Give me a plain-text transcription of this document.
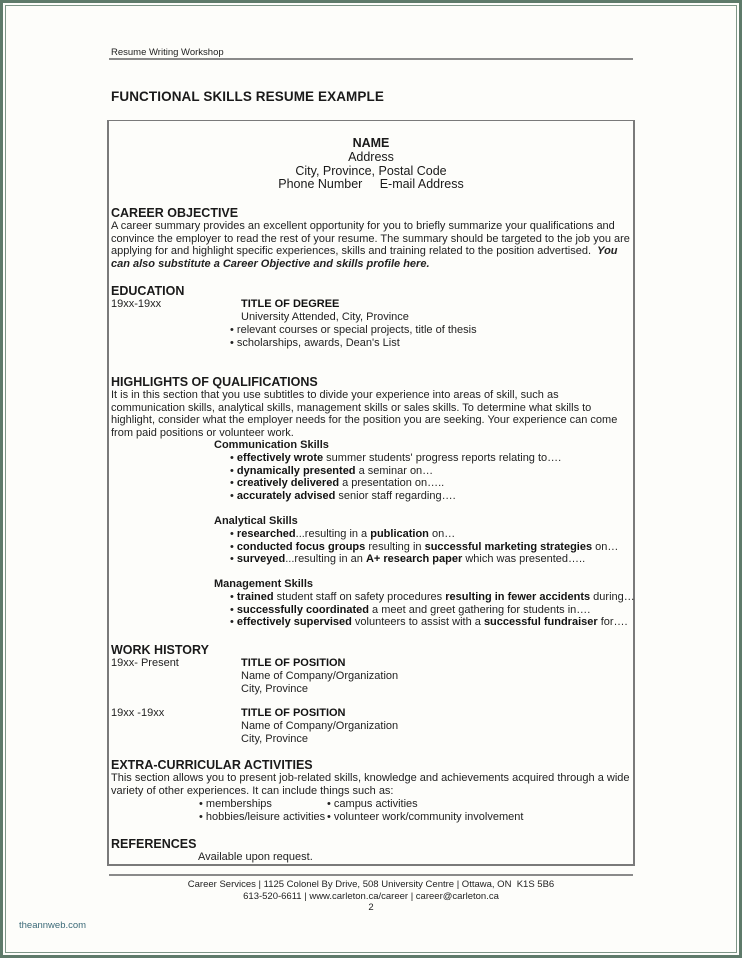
Resume Writing Workshop
FUNCTIONAL SKILLS RESUME EXAMPLE
NAME
Address
City, Province, Postal Code
Phone Number     E-mail Address
CAREER OBJECTIVE
A career summary provides an excellent opportunity for you to briefly summarize your qualifications and convince the employer to read the rest of your resume. The summary should be targeted to the job you are applying for and highlight specific experiences, skills and training related to the position advertised. You can also substitute a Career Objective and skills profile here.
EDUCATION
19xx-19xx	TITLE OF DEGREE
University Attended, City, Province
• relevant courses or special projects, title of thesis
• scholarships, awards, Dean's List
HIGHLIGHTS OF QUALIFICATIONS
It is in this section that you use subtitles to divide your experience into areas of skill, such as communication skills, analytical skills, management skills or sales skills. To determine what skills to highlight, consider what the employer needs for the position you are seeking. Your experience can come from paid positions or volunteer work.
Communication Skills
• effectively wrote summer students' progress reports relating to….
• dynamically presented a seminar on…
• creatively delivered a presentation on…..
• accurately advised senior staff regarding….
Analytical Skills
• researched...resulting in a publication on…
• conducted focus groups resulting in successful marketing strategies on…
• surveyed...resulting in an A+ research paper which was presented…..
Management Skills
• trained student staff on safety procedures resulting in fewer accidents during…
• successfully coordinated a meet and greet gathering for students in….
• effectively supervised volunteers to assist with a successful fundraiser for….
WORK HISTORY
19xx- Present	TITLE OF POSITION
Name of Company/Organization
City, Province
19xx -19xx	TITLE OF POSITION
Name of Company/Organization
City, Province
EXTRA-CURRICULAR ACTIVITIES
This section allows you to present job-related skills, knowledge and achievements acquired through a wide variety of other experiences. It can include things such as:
• memberships	• campus activities
• hobbies/leisure activities • volunteer work/community involvement
REFERENCES
Available upon request.
Career Services | 1125 Colonel By Drive, 508 University Centre | Ottawa, ON  K1S 5B6
613-520-6611 | www.carleton.ca/career | career@carleton.ca
2
theannweb.com
